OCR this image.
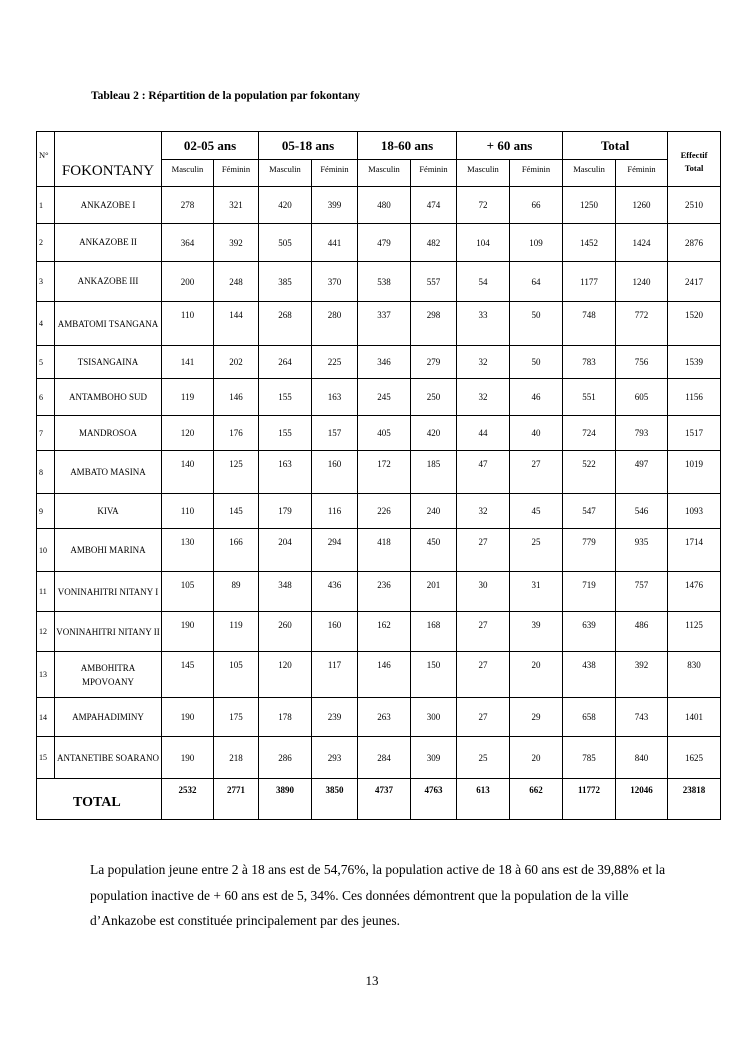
Tableau 2 : Répartition de la population par fokontany
N°	FOKONTANY	02-05 ans		05-18 ans		18-60 ans		+ 60 ans		Total		Effectif
Total
		Masculin	Féminin	Masculin	Féminin	Masculin	Féminin	Masculin	Féminin	Masculin	Féminin	
1	ANKAZOBE I	278	321	420	399	480	474	72	66	1250	1260	2510
2	ANKAZOBE II	364	392	505	441	479	482	104	109	1452	1424	2876
3	ANKAZOBE III	200	248	385	370	538	557	54	64	1177	1240	2417
4	AMBATOMI TSANGANA	110	144	268	280	337	298	33	50	748	772	1520
5	TSISANGAINA	141	202	264	225	346	279	32	50	783	756	1539
6	ANTAMBOHO SUD	119	146	155	163	245	250	32	46	551	605	1156
7	MANDROSOA	120	176	155	157	405	420	44	40	724	793	1517
8	AMBATO MASINA	140	125	163	160	172	185	47	27	522	497	1019
9	KIVA	110	145	179	116	226	240	32	45	547	546	1093
10	AMBOHI MARINA	130	166	204	294	418	450	27	25	779	935	1714
11	VONINAHITRI NITANY I	105	89	348	436	236	201	30	31	719	757	1476
12	VONINAHITRI NITANY II	190	119	260	160	162	168	27	39	639	486	1125
13	AMBOHITRA MPOVOANY	145	105	120	117	146	150	27	20	438	392	830
14	AMPAHADIMINY	190	175	178	239	263	300	27	29	658	743	1401
15	ANTANETIBE SOARANO	190	218	286	293	284	309	25	20	785	840	1625
TOTAL		2532	2771	3890	3850	4737	4763	613	662	11772	12046	23818
La population jeune entre 2 à 18 ans est de 54,76%, la population active de 18 à 60 ans est de 39,88% et la population inactive de + 60 ans est de 5, 34%. Ces données démontrent que la population de la ville d’Ankazobe est constituée principalement par des jeunes.
13
